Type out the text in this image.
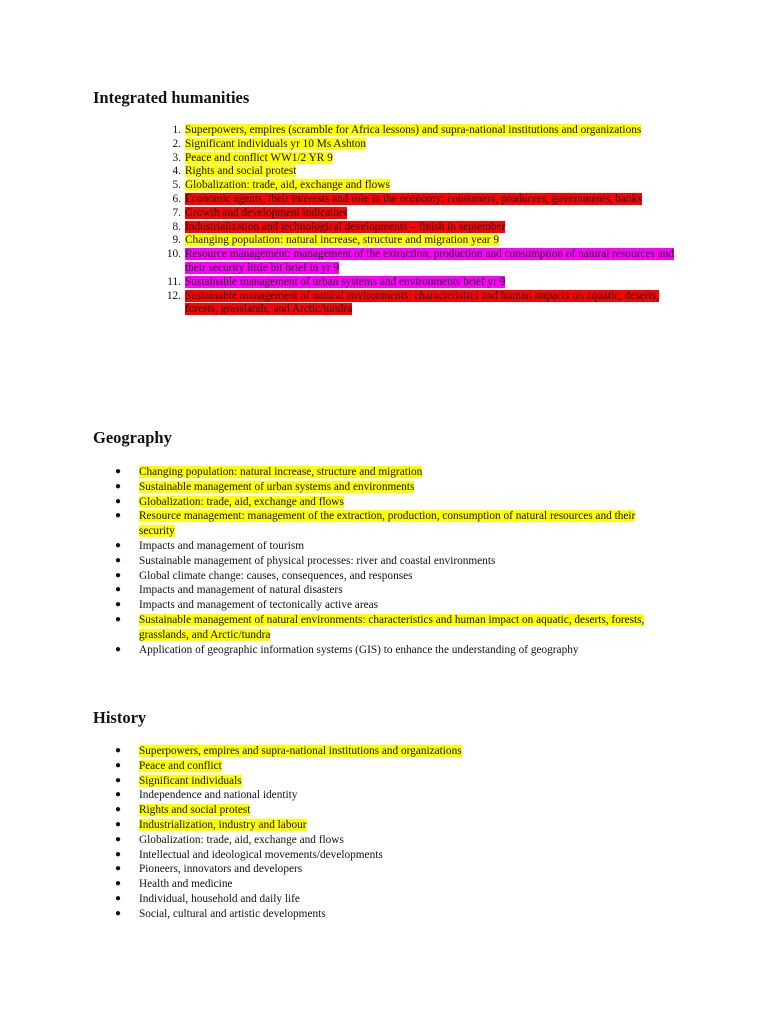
Integrated humanities
1. Superpowers, empires (scramble for Africa lessons) and supra-national institutions and organizations
2. Significant individuals yr 10 Ms Ashton
3. Peace and conflict WW1/2 YR 9
4. Rights and social protest
5. Globalization: trade, aid, exchange and flows
6. Economic agents, their interests and role in the economy: consumers, producers, governments, banks
7. Growth and development indicators
8. Industrialization and technological developments – finish in september
9. Changing population: natural increase, structure and migration year 9
10. Resource management: management of the extraction, production and consumption of natural resources and their security little bit brief in yr 9
11. Sustainable management of urban systems and environments brief yr 9
12. Sustainable management of natural environments: characteristics and human impacts on aquatic, deserts, forests, grasslands, and Arctic/tundra
Geography
● Changing population: natural increase, structure and migration
● Sustainable management of urban systems and environments
● Globalization: trade, aid, exchange and flows
● Resource management: management of the extraction, production, consumption of natural resources and their security
● Impacts and management of tourism
● Sustainable management of physical processes: river and coastal environments
● Global climate change: causes, consequences, and responses
● Impacts and management of natural disasters
● Impacts and management of tectonically active areas
● Sustainable management of natural environments: characteristics and human impact on aquatic, deserts, forests, grasslands, and Arctic/tundra
● Application of geographic information systems (GIS) to enhance the understanding of geography
History
● Superpowers, empires and supra-national institutions and organizations
● Peace and conflict
● Significant individuals
● Independence and national identity
● Rights and social protest
● Industrialization, industry and labour
● Globalization: trade, aid, exchange and flows
● Intellectual and ideological movements/developments
● Pioneers, innovators and developers
● Health and medicine
● Individual, household and daily life
● Social, cultural and artistic developments
